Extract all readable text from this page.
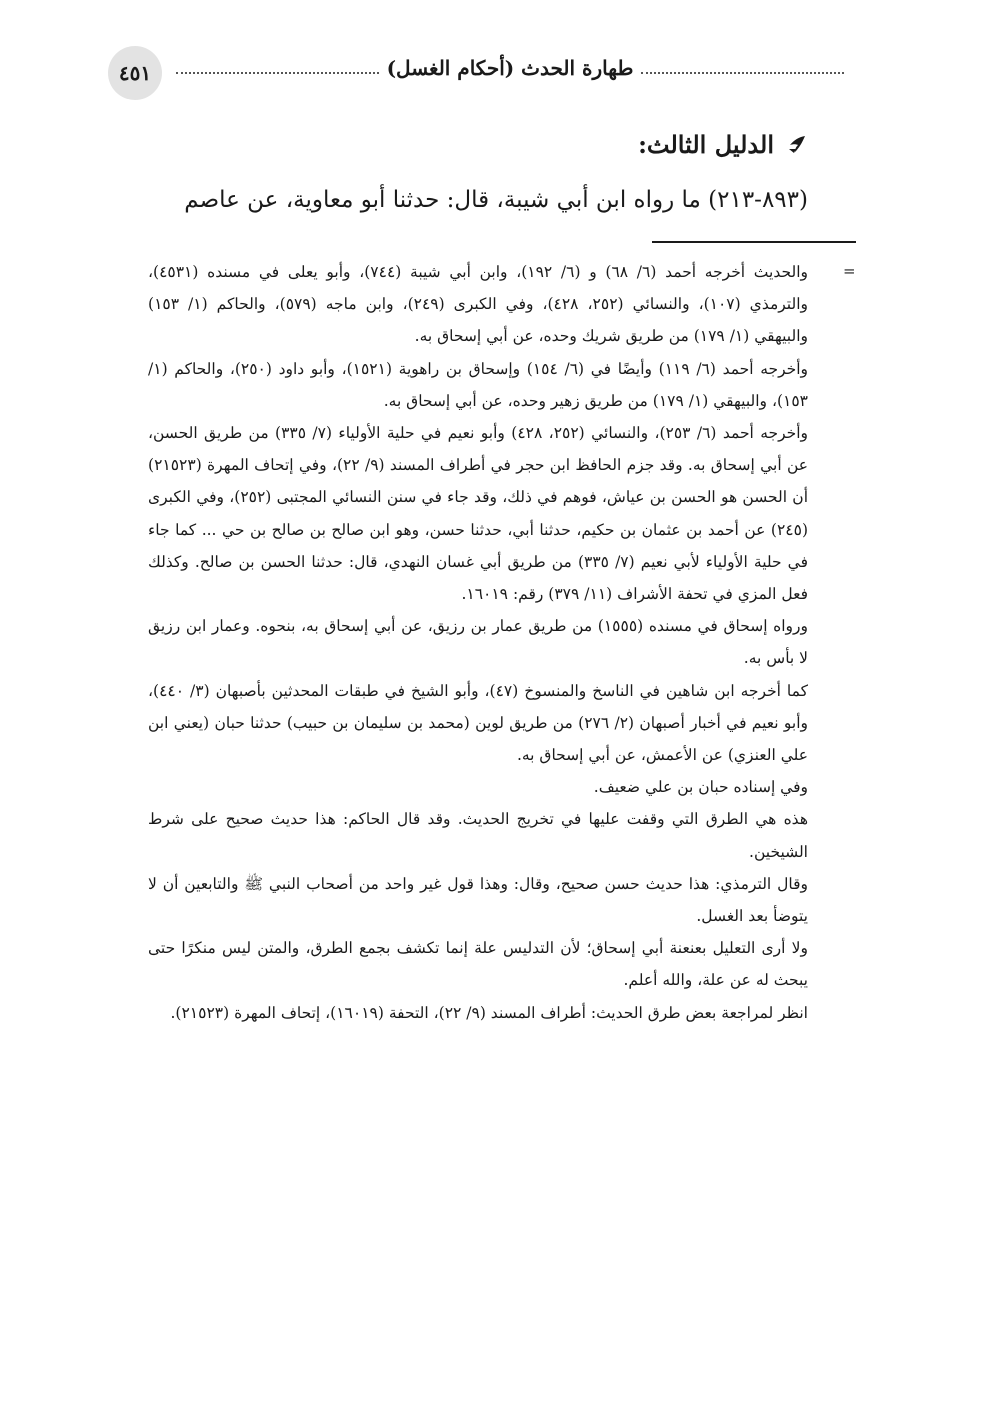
٤٥١	طهارة الحدث (أحكام الغسل)
الدليل الثالث:
(٨٩٣-٢١٣) ما رواه ابن أبي شيبة، قال: حدثنا أبو معاوية، عن عاصم
=

والحديث أخرجه أحمد (٦/ ٦٨) و (٦/ ١٩٢)، وابن أبي شيبة (٧٤٤)، وأبو يعلى في مسنده (٤٥٣١)، والترمذي (١٠٧)، والنسائي (٢٥٢، ٤٢٨)، وفي الكبرى (٢٤٩)، وابن ماجه (٥٧٩)، والحاكم (١/ ١٥٣) والبيهقي (١/ ١٧٩) من طريق شريك وحده، عن أبي إسحاق به.

وأخرجه أحمد (٦/ ١١٩) وأيضًا في (٦/ ١٥٤) وإسحاق بن راهوية (١٥٢١)، وأبو داود (٢٥٠)، والحاكم (١/ ١٥٣)، والبيهقي (١/ ١٧٩) من طريق زهير وحده، عن أبي إسحاق به.

وأخرجه أحمد (٦/ ٢٥٣)، والنسائي (٢٥٢، ٤٢٨) وأبو نعيم في حلية الأولياء (٧/ ٣٣٥) من طريق الحسن، عن أبي إسحاق به. وقد جزم الحافظ ابن حجر في أطراف المسند (٩/ ٢٢)، وفي إتحاف المهرة (٢١٥٢٣) أن الحسن هو الحسن بن عياش، فوهم في ذلك، وقد جاء في سنن النسائي المجتبى (٢٥٢)، وفي الكبرى (٢٤٥) عن أحمد بن عثمان بن حكيم، حدثنا أبي، حدثنا حسن، وهو ابن صالح بن صالح بن حي ... كما جاء في حلية الأولياء لأبي نعيم (٧/ ٣٣٥) من طريق أبي غسان النهدي، قال: حدثنا الحسن بن صالح. وكذلك فعل المزي في تحفة الأشراف (١١/ ٣٧٩) رقم: ١٦٠١٩.

ورواه إسحاق في مسنده (١٥٥٥) من طريق عمار بن رزيق، عن أبي إسحاق به، بنحوه. وعمار ابن رزيق لا بأس به.

كما أخرجه ابن شاهين في الناسخ والمنسوخ (٤٧)، وأبو الشيخ في طبقات المحدثين بأصبهان (٣/ ٤٤٠)، وأبو نعيم في أخبار أصبهان (٢/ ٢٧٦) من طريق لوين (محمد بن سليمان بن حبيب) حدثنا حبان (يعني ابن علي العنزي) عن الأعمش، عن أبي إسحاق به.

وفي إسناده حبان بن علي ضعيف.

هذه هي الطرق التي وقفت عليها في تخريج الحديث. وقد قال الحاكم: هذا حديث صحيح على شرط الشيخين.

وقال الترمذي: هذا حديث حسن صحيح، وقال: وهذا قول غير واحد من أصحاب النبي ﷺ والتابعين أن لا يتوضأ بعد الغسل.

ولا أرى التعليل بعنعنة أبي إسحاق؛ لأن التدليس علة إنما تكشف بجمع الطرق، والمتن ليس منكرًا حتى يبحث له عن علة، والله أعلم.

انظر لمراجعة بعض طرق الحديث: أطراف المسند (٩/ ٢٢)، التحفة (١٦٠١٩)، إتحاف المهرة (٢١٥٢٣).
